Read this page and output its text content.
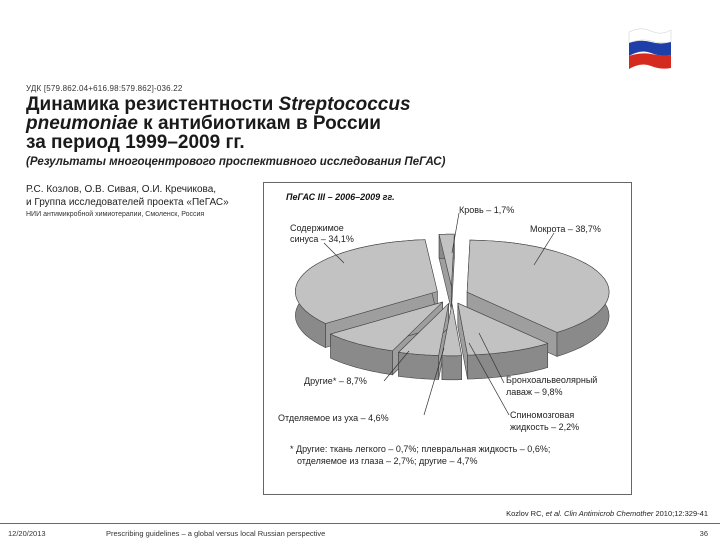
УДК [579.862.04+616.98:579.862]-036.22
Динамика резистентности Streptococcus
pneumoniae к антибиотикам в России
за период 1999–2009 гг.
(Результаты многоцентрового проспективного исследования ПеГАС)
Р.С. Козлов, О.В. Сивая, О.И. Кречикова,
и Группа исследователей проекта «ПеГАС»
НИИ антимикробной химиотерапии, Смоленск, Россия
ПеГАС III – 2006–2009 гг.
Кровь – 1,7%
Мокрота – 38,7%
Содержимое
синуса – 34,1%
Другие* – 8,7%	Бронхоальвеолярный
лаваж – 9,8%
Спиномозговая
жидкость – 2,2%
Отделяемое из уха – 4,6%
* Другие: ткань легкого – 0,7%; плевральная жидкость – 0,6%;
отделяемое из глаза – 2,7%; другие – 4,7%
Kozlov RC, et al. Clin Antimicrob Chemother 2010;12:329-41
12/20/2013	Prescribing guidelines – a global versus local Russian perspective	36
